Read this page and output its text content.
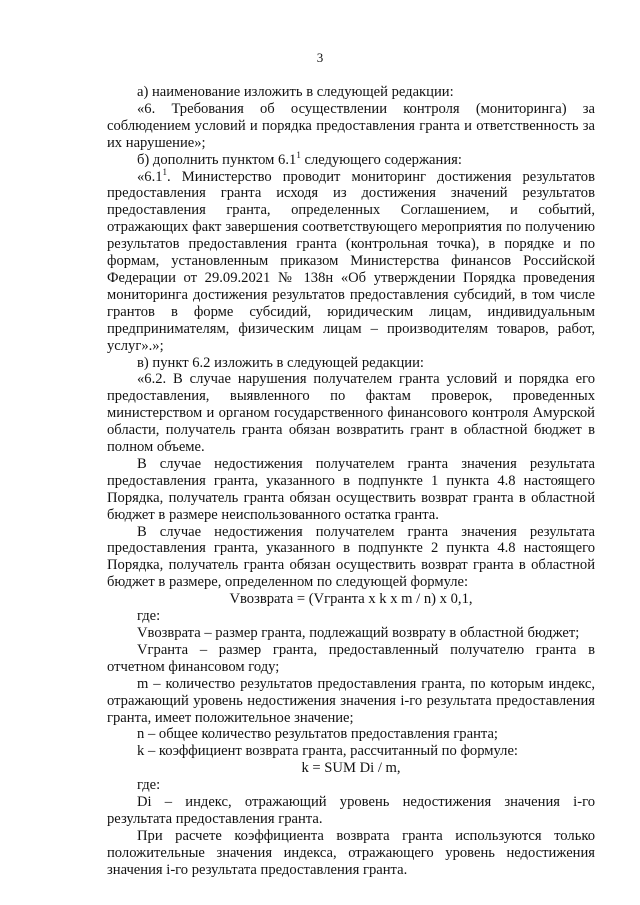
3

а) наименование изложить в следующей редакции:

«6. Требования об осуществлении контроля (мониторинга) за соблюдением условий и порядка предоставления гранта и ответственность за их нарушение»;

б) дополнить пунктом $6.1^1$ следующего содержания:

«$6.1^1$. Министерство проводит мониторинг достижения результатов предоставления гранта исходя из достижения значений результатов предоставления гранта, определенных Соглашением, и событий, отражающих факт завершения соответствующего мероприятия по получению результатов предоставления гранта (контрольная точка), в порядке и по формам, установленным приказом Министерства финансов Российской Федерации от 29.09.2021 № 138н «Об утверждении Порядка проведения мониторинга достижения результатов предоставления субсидий, в том числе грантов в форме субсидий, юридическим лицам, индивидуальным предпринимателям, физическим лицам – производителям товаров, работ, услуг».»;

в) пункт 6.2 изложить в следующей редакции:

«6.2. В случае нарушения получателем гранта условий и порядка его предоставления, выявленного по фактам проверок, проведенных министерством и органом государственного финансового контроля Амурской области, получатель гранта обязан возвратить грант в областной бюджет в полном объеме.

В случае недостижения получателем гранта значения результата предоставления гранта, указанного в подпункте 1 пункта 4.8 настоящего Порядка, получатель гранта обязан осуществить возврат гранта в областной бюджет в размере неиспользованного остатка гранта.

В случае недостижения получателем гранта значения результата предоставления гранта, указанного в подпункте 2 пункта 4.8 настоящего Порядка, получатель гранта обязан осуществить возврат гранта в областной бюджет в размере, определенном по следующей формуле:

Vвозврата = (Vгранта x k x m / n) x 0,1,

где:

Vвозврата – размер гранта, подлежащий возврату в областной бюджет;

Vгранта – размер гранта, предоставленный получателю гранта в отчетном финансовом году;

m – количество результатов предоставления гранта, по которым индекс, отражающий уровень недостижения значения i-го результата предоставления гранта, имеет положительное значение;

n – общее количество результатов предоставления гранта;

k – коэффициент возврата гранта, рассчитанный по формуле:

k = SUM Di / m,

где:

Di – индекс, отражающий уровень недостижения значения i-го результата предоставления гранта.

При расчете коэффициента возврата гранта используются только положительные значения индекса, отражающего уровень недостижения значения i-го результата предоставления гранта.
